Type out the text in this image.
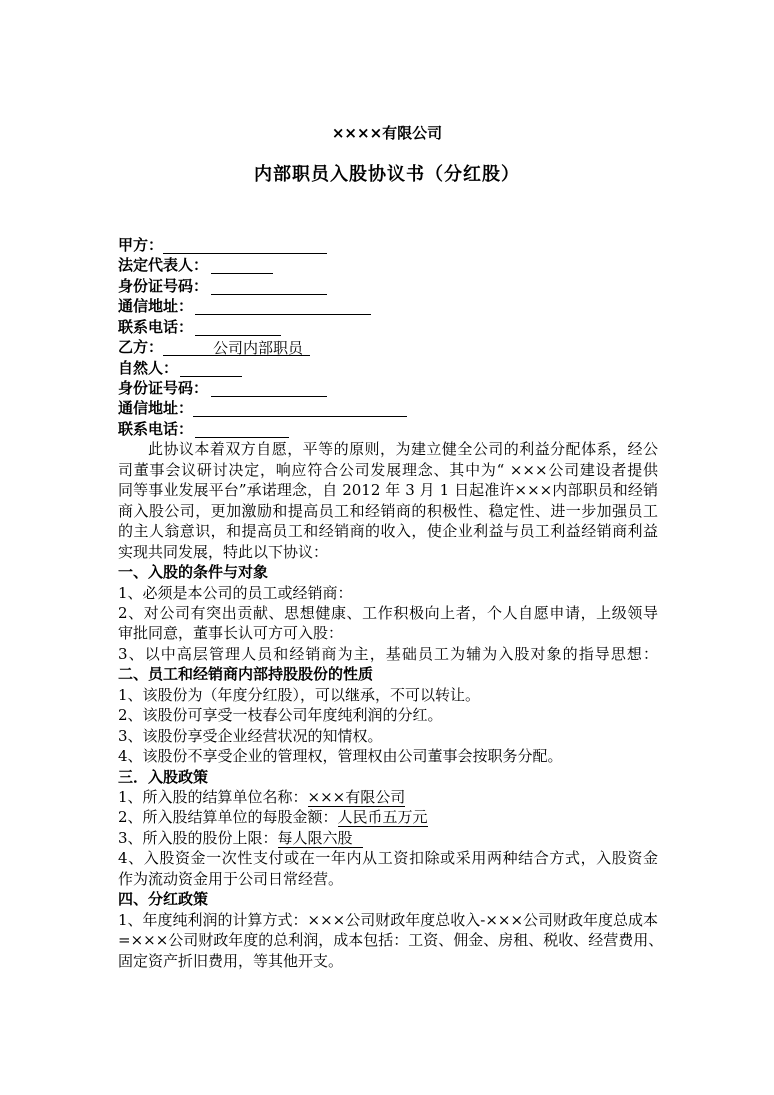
××××有限公司
内部职员入股协议书（分红股）
甲方：
法定代表人：
身份证号码：
通信地址：
联系电话：
乙方：	公司内部职员
自然人：
身份证号码：
通信地址：
联系电话：
此协议本着双方自愿，平等的原则，为建立健全公司的利益分配体系，经公
司董事会议研讨决定，响应符合公司发展理念、其中为“ ×××公司建设者提供
同等事业发展平台”承诺理念，自 2012 年 3 月 1 日起准许×××内部职员和经销
商入股公司，更加激励和提高员工和经销商的积极性、稳定性、进一步加强员工
的主人翁意识，和提高员工和经销商的收入，使企业利益与员工利益经销商利益
实现共同发展，特此以下协议：
一、入股的条件与对象
1、必须是本公司的员工或经销商：
2、对公司有突出贡献、思想健康、工作积极向上者，个人自愿申请，上级领导
审批同意，董事长认可方可入股：
3、以中高层管理人员和经销商为主，基础员工为辅为入股对象的指导思想：
二、员工和经销商内部持股股份的性质
1、该股份为（年度分红股），可以继承，不可以转让。
2、该股份可享受一枝春公司年度纯利润的分红。
3、该股份享受企业经营状况的知情权。
4、该股份不享受企业的管理权，管理权由公司董事会按职务分配。
三．入股政策
1、所入股的结算单位名称：×××有限公司
2、所入股结算单位的每股金额：人民币五万元
3、所入股的股份上限：每人限六股
4、入股资金一次性支付或在一年内从工资扣除或采用两种结合方式，入股资金
作为流动资金用于公司日常经营。
四、分红政策
1、年度纯利润的计算方式：×××公司财政年度总收入-×××公司财政年度总成本
=×××公司财政年度的总利润，成本包括：工资、佣金、房租、税收、经营费用、
固定资产折旧费用，等其他开支。
